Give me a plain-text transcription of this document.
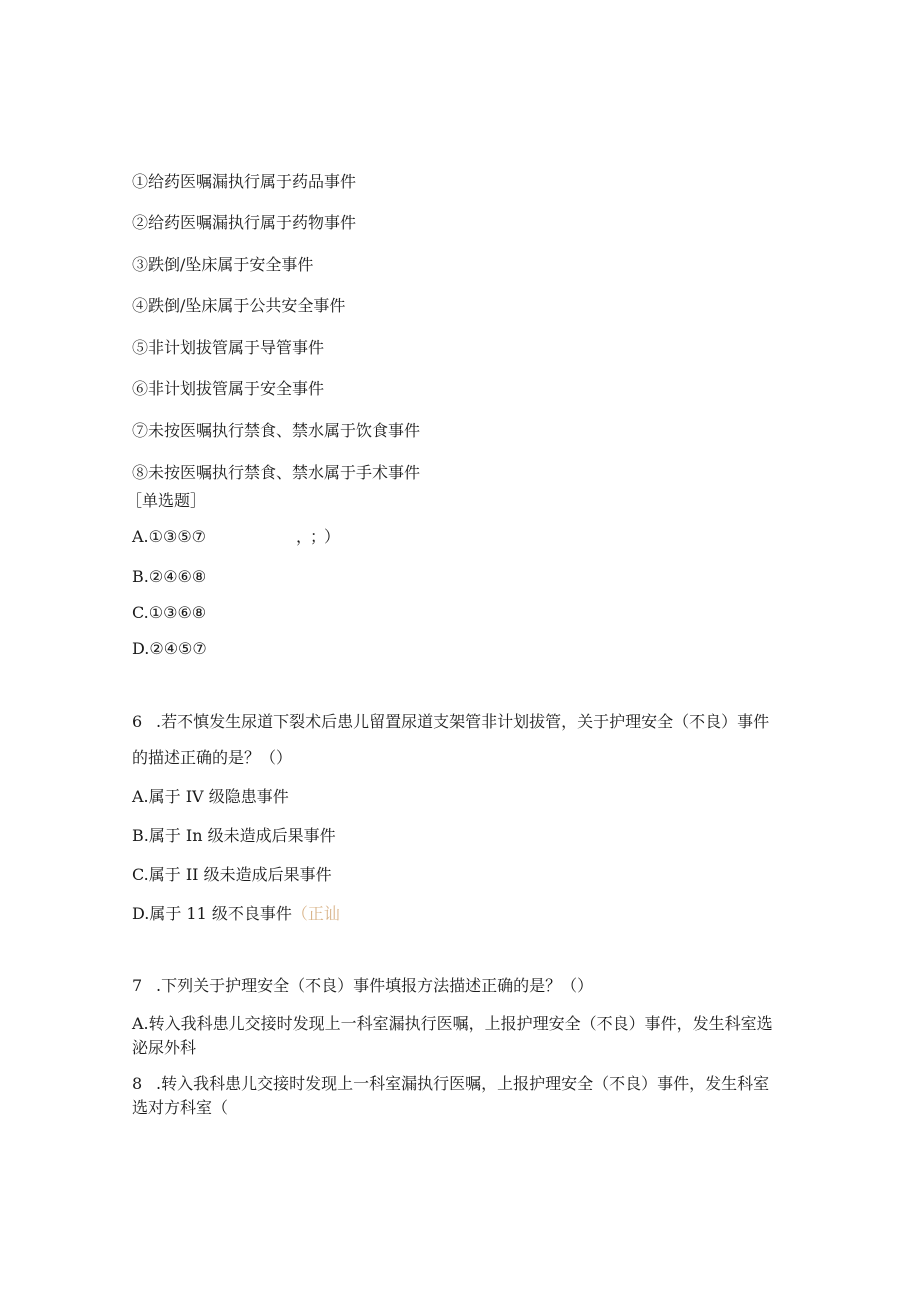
①给药医嘱漏执行属于药品事件

②给药医嘱漏执行属于药物事件

③跌倒/坠床属于安全事件

④跌倒/坠床属于公共安全事件

⑤非计划拔管属于导管事件

⑥非计划拔管属于安全事件

⑦未按医嘱执行禁食、禁水属于饮食事件

⑧未按医嘱执行禁食、禁水属于手术事件

［单选题］

A.①③⑤⑦	，；）

B.②④⑥⑧

C.①③⑥⑧

D.②④⑤⑦

6 .若不慎发生尿道下裂术后患儿留置尿道支架管非计划拔管，关于护理安全（不良）事件的描述正确的是？（）

A.属于 IV 级隐患事件

B.属于 In 级未造成后果事件

C.属于 II 级未造成后果事件

D.属于 11 级不良事件（正讪

7 .下列关于护理安全（不良）事件填报方法描述正确的是？（）
A.转入我科患儿交接时发现上一科室漏执行医嘱，上报护理安全（不良）事件，发生科室选泌尿外科
8 .转入我科患儿交接时发现上一科室漏执行医嘱，上报护理安全（不良）事件，发生科室选对方科室（
